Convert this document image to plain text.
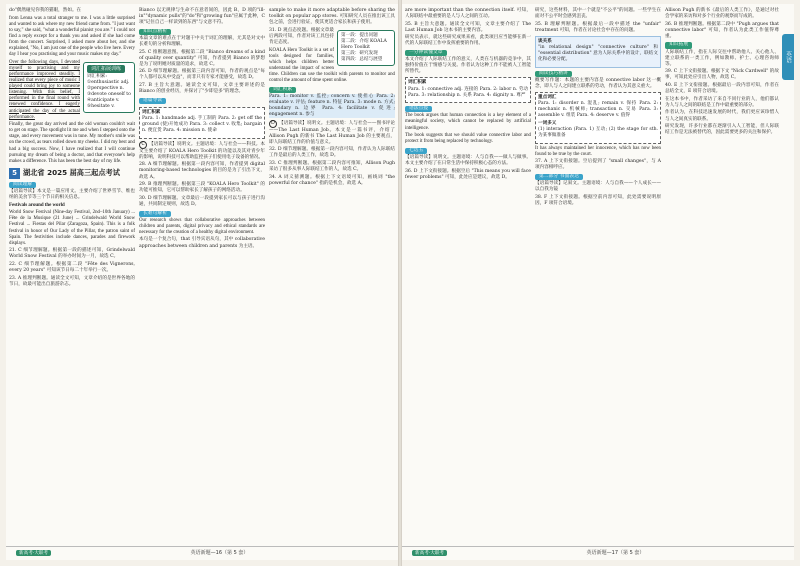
do"偶然碰见你我的猫眼，然如。在

from Lenna was a total stranger to me. I was a little surprised and wanted to ask where my new friend came from. "I just want to say," she said, "what a wonderful pianist you are." I could not find a reply except for a thank you and asked if she had come from the concert. Surprised, I asked more about her, and she explained, "No, I am just one of the people who live here. Every day I hear you practising and your music makes my day."

词汇拓展训练
词汇积累:
①enthusiastic adj.
②perspective n.
③devote oneself to
④anticipate v.
⑤hesitate v.

Over the following days, I devoted myself to practising and my performance improved steadily. I realized that every piece of music I played could bring joy to someone listening. With this belief, I performed in the final round with renewed confidence. I eagerly anticipated the day of the actual performance.

Finally, the great day arrived and the old woman couldn't wait to get on stage. The spotlight lit me and when I stepped onto the stage, and every movement was in tune. My mother's smile was on the crowd, as tears rolled down my cheeks. I did my best and had a big success. Now, I have realized that I will continue pursuing my dream of being a doctor, and that everyone's help makes a difference. This has been the best day of my life.

5 湖北省 2025 届高三起点考试
阅读理解

【语篇导读】本文是一篇应用文。主要介绍了世界雪节、维也纳的美食节等三个节日的相关信息。

Festivals around the world

World Snow Festival (Nine-day Festival, 2nd–10th January) ... Fête de la Musique (21 June) ... Grindelwald World Snow Festival ... Fiestas del Pilar (Zaragoza, Spain). This is a folk festival in honor of Our Lady of the Pillar, the patron saint of Spain. The festivities include dances, parades and firework displays.

21. C 细节理解题。根据第一段的描述可知，Grindelwald World Snow Festival 的举办时间为一月，故选 C。

22. C 细节理解题。根据第二段 "Fête des Vignerons, every 20 years" 可知该节日每二十年举行一次。

23. A 推理判断题。通读全文可知，文章介绍的是世界各地的节日，故最可能出自旅游杂志。

Bianco 以无规律与生命不在意者间的，因此 B、D 项的"ill-in""dynamic pulls"的"do"和"growing fun"应属于此种，C 项"记住自己一样读到的东西"与文意不符。

知识点精析

本篇文章的难点在于对题干中关于词汇的理解，尤其是对文中长难句的分析和理解。

25. C 推断题意图。根据第二段 "Bianco dreams of a kind of quality over quantity" 可知，作者提到 Bianco 的梦想是为了说明她对质量的追求，故选 C。

26. D 细节理解题。根据第三段内容可知，作者的观点是"每个人都可以从中受益"，而非只有专家才能感受，故选 D。

27. B 主旨大意题。通读全文可知，文章主要讲述的是 Bianco 的创业经历，并探讨了"少即是多"的理念。

语篇导读
词汇积累

Para. 1: handmade adj. 手工制的 Para. 2: get off the ground (使)开始成功 Para. 3: collect v. 收集; bargain n. 便宜货 Para. 4: mission n. 使命

C 【语篇导读】说明文。主题语境：人与社会——科技。本文主要介绍了 KOALA Hero Toolkit 的功能以及其对青少年的影响，说明科技可以帮助监控孩子们使用电子设备的情况。

28. A 细节理解题。根据第一段内容可知，作者提到 digital monitoring-based technologies 的目的是为了引出下文，故选 A。

29. B 推理判断题。根据第三段 "KOALA Hero Toolkit" 的功能可推知，它可以帮助家长了解孩子的网络活动。

30. D 细节理解题。文章最后一段提到家长可以与孩子进行沟通，共同制定规则，故选 D。

长难句解析

Our research shows that collaborative approaches between children and parents, digital privacy and ethical standards are necessary for the creation of a healthy digital environment.

本句是一个复合句，that 引导宾语从句，其中 collaborative approaches between children and parents 为主语。

sample to make it more adaptable before sharing the toolkit on popular app stores. 可知研究人员在推出该工具包之前，会进行验证，使其更适合家长和孩子使用。

第一段：提出问题
第二段：介绍 KOALA Hero Toolkit
第三段：研究发现
第四段：总结与展望

31. D 观点态度题。根据文章最后两段可知，作者对该工具包持肯定态度。

KOALA Hero Toolkit is a set of tools designed for families, which helps children better understand the impact of screen time. Children can use the toolkit with parents to monitor and control the amount of time spent online.

词汇积累

Para. 1: monitor v. 监控; concern v. 使担心 Para. 2: evaluate v. 评估; feature n. 特征 Para. 3: mode n. 方式; boundary n. 边界 Para. 4: facilitate v. 促进; engagement n. 参与

D 【语篇导读】说明文。主题语境：人与社会——图书评论——The Last Human Job。本文是一篇书评，介绍了 Allison Pugh 的新书 The Last Human Job 的主要观点，即人际联结工作的价值与意义。

32. D 细节理解题。根据第一段内容可知，作者认为人际联结工作是最后的人类工作，故选 D。

33. C 推理判断题。根据第二段内容可推知，Allison Pugh 采访了很多从事人际联结工作的人，故选 C。

34. A 词义猜测题。根据上下文语境可知，画线词 "the powerful for chance" 指的是机会，故选 A。

新高考·大联考	英语新题—16（第 5 套）

are more important than the connection itself. 可知，人际联结中最重要的是人与人之间的互动。

35. B 主旨大意题。通读全文可知，文章主要介绍了 The Last Human Job 这本书的主要内容。

研究员表示，就这些研究成果来看，此类项目应当能够在新一代的人际联结工作中发挥重要的作用。

一分钟读懂文章

本文介绍了人际联结工作的意义，人类在与机器的竞争中，其独特价值在于情感与关爱。作者认为这种工作不能被人工智能所替代。

词汇积累

Para. 1: connective adj. 连接的 Para. 2: labor n. 劳动 Para. 3: relationship n. 关系 Para. 4: dignity n. 尊严

语法点拨

The book argues that human connection is a key element of a meaningful society, which cannot be replaced by artificial intelligence.

The book suggests that we should value connective labor and protect it from being replaced by technology.

七选五

【语篇导读】说明文。主题语境：人与自我——做人与做事。本文主要介绍了在日常生活中保持积极心态的方法。

36. D 上下文衔接题。根据空后 "This means you will face fewer problems" 可知，此处应是建议，故选 D。

研究，这些材料，其中一个就是"不公平"的问题。一些学生在面对不公平时会感到沮丧。

35. B 理解判断题。根据最后一段中描述 the "unfair" treatment 可知，作者在讨论社会中存在的问题。

谈关系

"in relational design" "connective culture" 和 "essential distribution" 意为人际关系中的设计，联结文化和必要分配。

阅读技巧精讲

概要写作题：本题的主要内容是 connective labor 这一概念，即人与人之间建立联系的劳动，作者认为其意义重大。

重点词汇

Para. 1: disorder n. 混乱; remain v. 保持 Para. 2: mechanic n. 机械师; transaction n. 交易 Para. 3: assemble v. 组装 Para. 4: deserve v. 值得

一词多义

(1) interaction (Para. 1) 互动; (2) the stage for sth. 为某事做准备

It has always maintained her innocence, which has now been found to be true by the court.

37. A 上下文衔接题。空后提到了 "small changes"，与 A 项内容相呼应。

第二部分 书面表达

【语篇导读】记叙文。主题语境：人与自我——个人成长——以自我为镜

38. F 上下文衔接题。根据空前内容可知，此处需要说明原因，F 项符合语境。

Allison Pugh 的新书《最后的人类工作》，是通过对社会学家的采访和对多个行业的观察而写成的。

36. B 推理判断题。根据第二段中 "Pugh argues that connective labor" 可知，作者认为此类工作值得尊重。

知识拓展

人际联结工作，指在人际交往中帮助他人、关心他人、建立联系的一类工作，例如教师、护士、心理咨询师等。

39. C 上下文衔接题。根据下文 "Nick Cardwell" 的故事，可知此处应引出人物，故选 C。

40. E 上下文衔接题。根据最后一段内容可知，作者在总结全文，E 项符合语境。

在这本书中，作者采访了来自不同行业的人，他们都认为人与人之间的联结是工作中最重要的部分。

作者认为，在科技迅速发展的时代，我们更应该珍惜人与人之间真实的联系。

研究发现，许多行业都在逐渐引入人工智能，但人际联结工作是无法被替代的，因此需要更多的关注和保护。

英语
新高考·大联考	英语新题—17（第 5 套）
